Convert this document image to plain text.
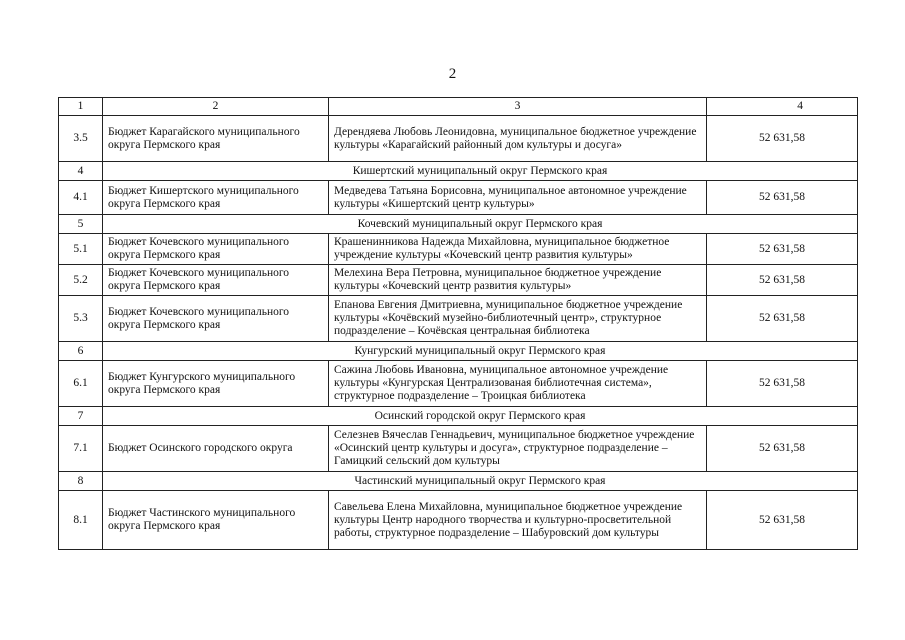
2
1	2	3	4
3.5	Бюджет Карагайского муниципального округа Пермского края	Дерендяева Любовь Леонидовна, муниципальное бюджетное учреждение культуры «Карагайский районный дом культуры и досуга»	52 631,58
4	Кишертский муниципальный округ Пермского края		
4.1	Бюджет Кишертского муниципального округа Пермского края	Медведева Татьяна Борисовна, муниципальное автономное учреждение культуры «Кишертский центр культуры»	52 631,58
5	Кочевский муниципальный округ Пермского края		
5.1	Бюджет Кочевского муниципального округа Пермского края	Крашенинникова Надежда Михайловна, муниципальное бюджетное учреждение культуры «Кочевский центр развития культуры»	52 631,58
5.2	Бюджет Кочевского муниципального округа Пермского края	Мелехина Вера Петровна, муниципальное бюджетное учреждение культуры «Кочевский центр развития культуры»	52 631,58
5.3	Бюджет Кочевского муниципального округа Пермского края	Епанова Евгения Дмитриевна, муниципальное бюджетное учреждение культуры «Кочёвский музейно-библиотечный центр», структурное подразделение – Кочёвская центральная библиотека	52 631,58
6	Кунгурский муниципальный округ Пермского края		
6.1	Бюджет Кунгурского муниципального округа Пермского края	Сажина Любовь Ивановна, муниципальное автономное учреждение культуры «Кунгурская Централизованая библиотечная система», структурное подразделение – Троицкая библиотека	52 631,58
7	Осинский городской округ Пермского края		
7.1	Бюджет Осинского городского округа	Селезнев Вячеслав Геннадьевич, муниципальное бюджетное учреждение «Осинский центр культуры и досуга», структурное подразделение – Гамицкий сельский дом культуры	52 631,58
8	Частинский муниципальный округ Пермского края		
8.1	Бюджет Частинского муниципального округа Пермского края	Савельева Елена Михайловна, муниципальное бюджетное учреждение культуры Центр народного творчества и культурно-просветительной работы, структурное подразделение – Шабуровский дом культуры	52 631,58
